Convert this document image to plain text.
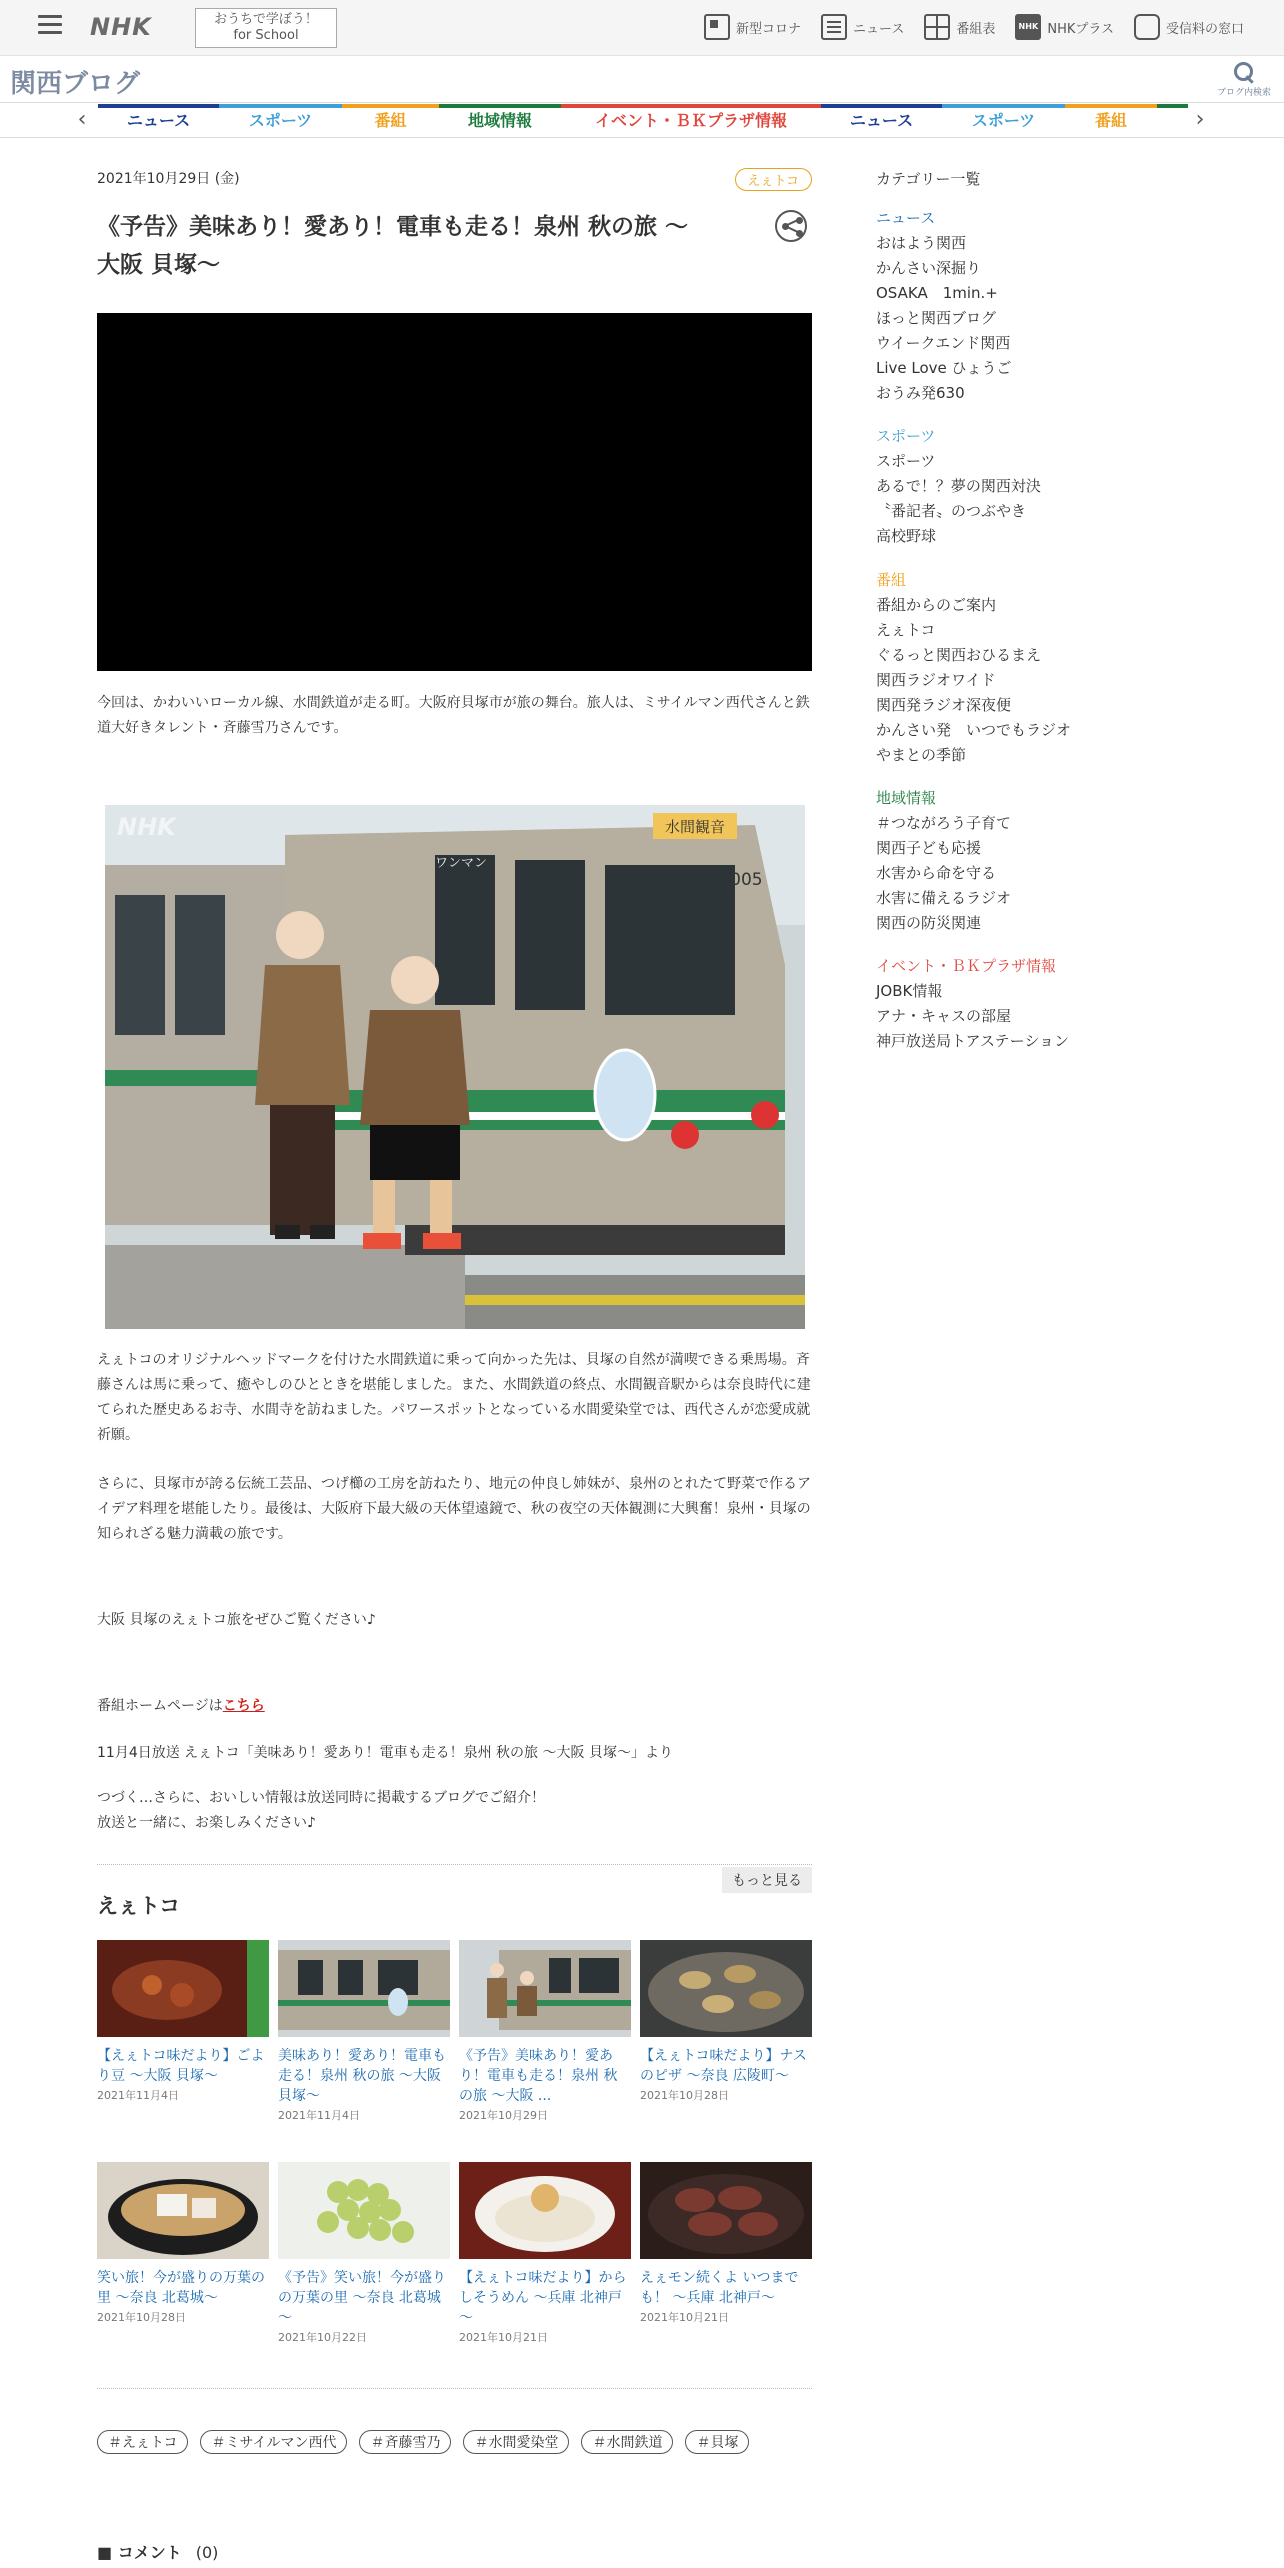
NHK	おうちで学ぼう！
for School	新型コロナ	ニュース	番組表	NHK NHKプラス	受信料の窓口
関西ブログ	ブログ内検索
‹	ニュース	スポーツ	番組	地域情報	イベント・ＢＫプラザ情報	ニュース	スポーツ	番組	›
2021年10月29日 (金)	えぇトコ
《予告》美味あり！愛あり！電車も走る！泉州 秋の旅 ～
大阪 貝塚～

今回は、かわいいローカル線、水間鉄道が走る町。大阪府貝塚市が旅の舞台。旅人は、ミサイルマン西代さんと鉄道大好きタレント・斉藤雪乃さんです。

水間観音
1005
ワンマン
NHK

えぇトコのオリジナルヘッドマークを付けた水間鉄道に乗って向かった先は、貝塚の自然が満喫できる乗馬場。斉藤さんは馬に乗って、癒やしのひとときを堪能しました。また、水間鉄道の終点、水間観音駅からは奈良時代に建てられた歴史あるお寺、水間寺を訪ねました。パワースポットとなっている水間愛染堂では、西代さんが恋愛成就祈願。

さらに、貝塚市が誇る伝統工芸品、つげ櫛の工房を訪ねたり、地元の仲良し姉妹が、泉州のとれたて野菜で作るアイデア料理を堪能したり。最後は、大阪府下最大級の天体望遠鏡で、秋の夜空の天体観測に大興奮！泉州・貝塚の知られざる魅力満載の旅です。

大阪 貝塚のえぇトコ旅をぜひご覧ください♪

番組ホームページはこちら

11月4日放送 えぇトコ「美味あり！愛あり！電車も走る！泉州 秋の旅 ～大阪 貝塚～」より

つづく…さらに、おいしい情報は放送同時に掲載するブログでご紹介！
放送と一緒に、お楽しみください♪

もっと見る
えぇトコ
【えぇトコ味だより】ごより豆 ～大阪 貝塚～
2021年11月4日
美味あり！愛あり！電車も走る！泉州 秋の旅 ～大阪 貝塚～
2021年11月4日
《予告》美味あり！愛あり！電車も走る！泉州 秋の旅 ～大阪 ...
2021年10月29日
【えぇトコ味だより】ナスのピザ ～奈良 広陵町～
2021年10月28日
笑い旅！今が盛りの万葉の里 ～奈良 北葛城～
2021年10月28日
《予告》笑い旅！今が盛りの万葉の里 ～奈良 北葛城～
2021年10月22日
【えぇトコ味だより】からしそうめん ～兵庫 北神戸～
2021年10月21日
えぇモン続くよ いつまでも！ ～兵庫 北神戸～
2021年10月21日
＃えぇトコ	＃ミサイルマン西代	＃斉藤雪乃	＃水間愛染堂	＃水間鉄道	＃貝塚
■ コメント (0)
カテゴリー一覧
ニュース
おはよう関西
かんさい深掘り
OSAKA　1min.+
ほっと関西ブログ
ウイークエンド関西
Live Love ひょうご
おうみ発630
スポーツ
スポーツ
あるで！？夢の関西対決
〝番記者〟のつぶやき
高校野球
番組
番組からのご案内
えぇトコ
ぐるっと関西おひるまえ
関西ラジオワイド
関西発ラジオ深夜便
かんさい発　いつでもラジオ
やまとの季節
地域情報
＃つながろう子育て
関西子ども応援
水害から命を守る
水害に備えるラジオ
関西の防災関連
イベント・ＢＫプラザ情報
JOBK情報
アナ・キャスの部屋
神戸放送局トアステーション
